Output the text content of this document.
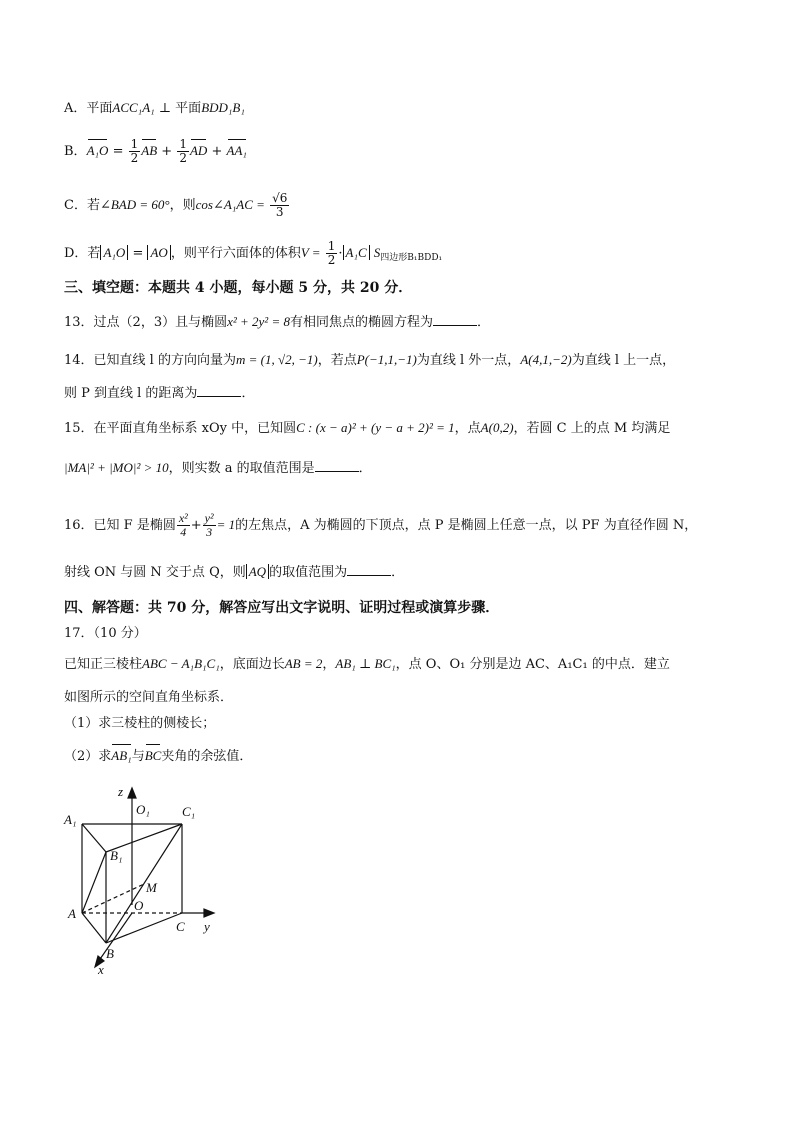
A．平面ACC₁A₁ ⊥ 平面BDD₁B₁
B．$A_1O = \frac{1}{2}$ AB + $\frac{1}{2}$ AD + AA₁
C．若∠BAD = 60°，则cos∠A₁AC = $\frac{√6}{3}$
D．若 A₁O = AO ，则平行六面体的体积$V = \frac{1}{2} \cdot A_1C$ $S_{四边形B_1BDD_1}$
三、填空题：本题共 4 小题，每小题 5 分，共 20 分．
13．过点（2，3）且与椭圆x² + 2y² = 8有相同焦点的椭圆方程为	．
14．已知直线 l 的方向向量为m = (1, √2, −1)，若点P(−1,1,−1)为直线 l 外一点，A(4,1,−2)为直线 l 上一点，
则 P 到直线 l 的距离为	．
15．在平面直角坐标系 xOy 中，已知圆C : (x − a)² + (y − a + 2)² = 1，点A(0,2)，若圆 C 上的点 M 均满足
|MA|² + |MO|² > 10，则实数 a 的取值范围是	．
16．已知 F 是椭圆 $\frac{\text{x²}}{4} + \frac{\text{y²}}{3} = 1$的左焦点，A 为椭圆的下顶点，点 P 是椭圆上任意一点，以 PF 为直径作圆 N，
射线 ON 与圆 N 交于点 Q，则 AQ 的取值范围为	．
四、解答题：共 70 分，解答应写出文字说明、证明过程或演算步骤．
17．（10 分）
已知正三棱柱ABC − A₁B₁C₁，底面边长AB = 2，AB₁ ⊥ BC₁，点 O、O₁ 分别是边 AC、A₁C₁ 的中点．建立
如图所示的空间直角坐标系．
（1）求三棱柱的侧棱长；
（2）求AB₁与BC夹角的余弦值．
z
O₁ C₁
A₁
B₁
M
O
A
C y
B
x
